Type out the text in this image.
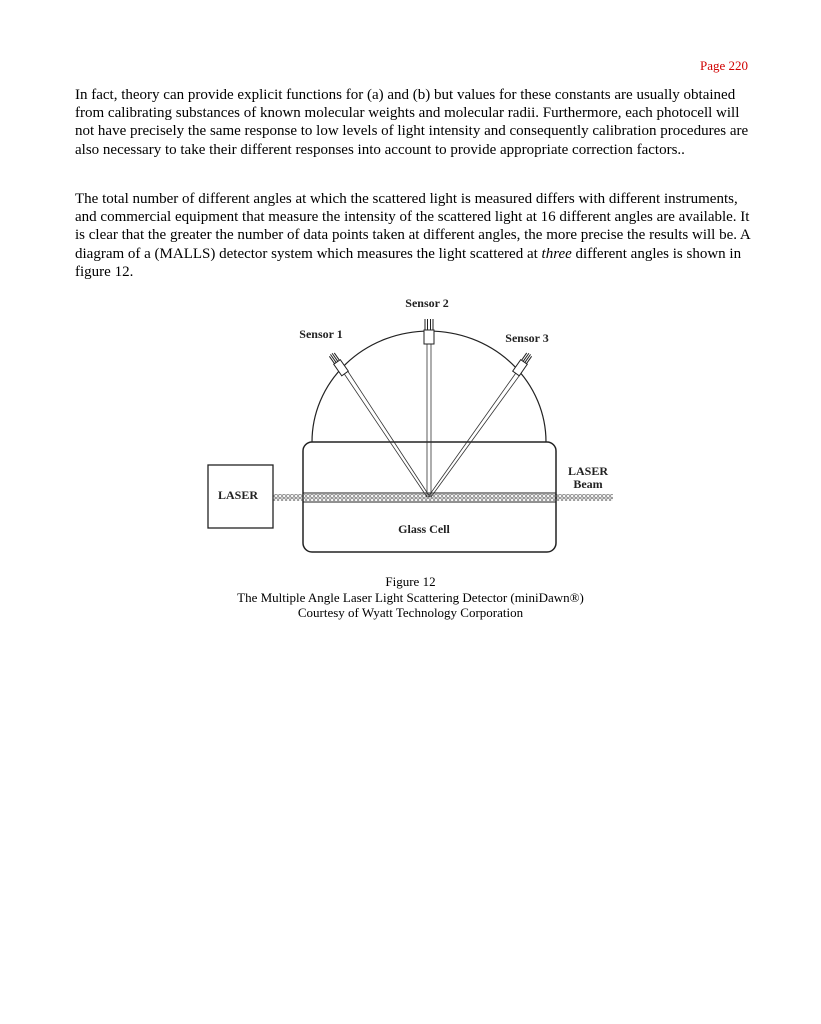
Page 220

In fact, theory can provide explicit functions for (a) and (b) but values for these constants are usually obtained from calibrating substances of known molecular weights and molecular radii. Furthermore, each photocell will not have precisely the same response to low levels of light intensity and consequently calibration procedures are also necessary to take their different responses into account to provide appropriate correction factors..

The total number of different angles at which the scattered light is measured differs with different instruments, and commercial equipment that measure the intensity of the scattered light at 16 different angles are available. It is clear that the greater the number of data points taken at different angles, the more precise the results will be. A diagram of a (MALLS) detector system which measures the light scattered at three different angles is shown in figure 12.

Sensor 2
Sensor 1	Sensor 3
LASER
LASER
Beam
Glass Cell
Figure 12
The Multiple Angle Laser Light Scattering Detector (miniDawn®)
Courtesy of Wyatt Technology Corporation
